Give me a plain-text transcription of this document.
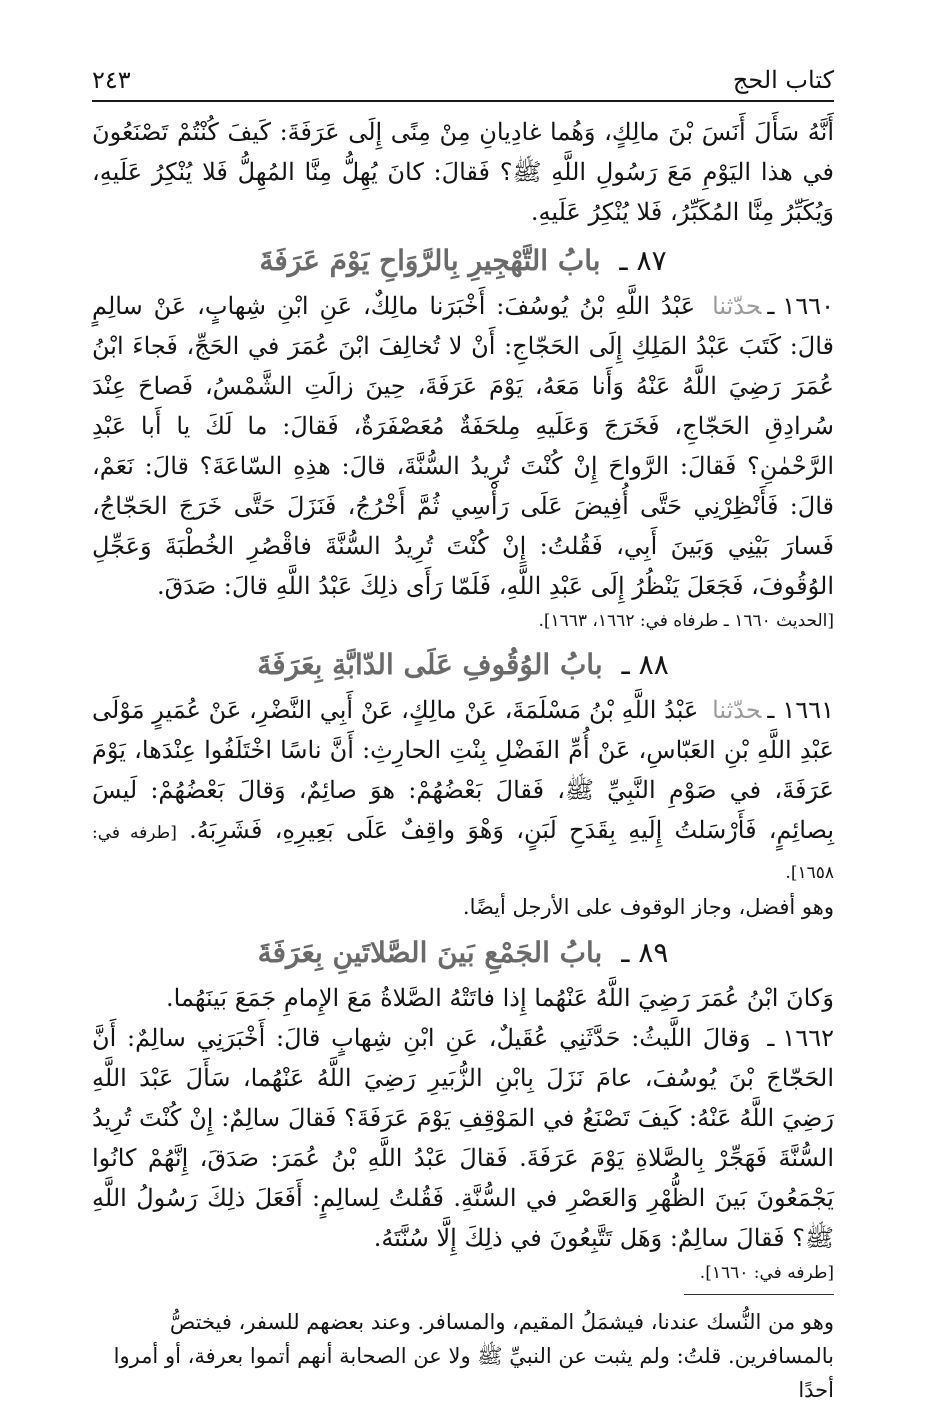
كتاب الحج
٢٤٣

أَنَّهُ سَأَلَ أَنَسَ بْنَ مالِكٍ، وَهُما غادِيانِ مِنْ مِنًى إِلَى عَرَفَةَ: كَيفَ كُنْتُمْ تَصْنَعُونَ في هذا اليَوْمِ مَعَ رَسُولِ اللَّهِ ﷺ؟ فَقالَ: كانَ يُهِلُّ مِنَّا المُهِلُّ فَلا يُنْكِرُ عَلَيهِ، وَيُكَبِّرُ مِنَّا المُكَبِّرُ، فَلا يُنْكِرُ عَلَيهِ.

٨٧ ـ بابُ التَّهْجِيرِ بِالرَّوَاحِ يَوْمَ عَرَفَةَ

١٦٦٠ـحدّثنا عَبْدُ اللَّهِ بْنُ يُوسُفَ: أَخْبَرَنا مالِكٌ، عَنِ ابْنِ شِهابٍ، عَنْ سالِمٍ قالَ: كَتَبَ عَبْدُ المَلِكِ إِلَى الحَجّاجِ: أَنْ لا تُخالِفَ ابْنَ عُمَرَ في الحَجِّ، فَجاءَ ابْنُ عُمَرَ رَضِيَ اللَّهُ عَنْهُ وَأَنا مَعَهُ، يَوْمَ عَرَفَةَ، حِينَ زالَتِ الشَّمْسُ، فَصاحَ عِنْدَ سُرادِقِ الحَجّاجِ، فَخَرَجَ وَعَلَيهِ مِلحَفَةٌ مُعَصْفَرَةٌ، فَقالَ: ما لَكَ يا أَبا عَبْدِ الرَّحْمٰنِ؟ فَقالَ: الرَّواحَ إِنْ كُنْتَ تُرِيدُ السُّنَّةَ، قالَ: هذِهِ السّاعَةَ؟ قالَ: نَعَمْ، قالَ: فَأَنْظِرْنِي حَتَّى أُفِيضَ عَلَى رَأْسِي ثُمَّ أَخْرُجُ، فَنَزَلَ حَتَّى خَرَجَ الحَجّاجُ، فَسارَ بَيْنِي وَبَينَ أَبِي، فَقُلتُ: إِنْ كُنْتَ تُرِيدُ السُّنَّةَ فاقْصُرِ الخُطْبَةَ وَعَجِّلِ الوُقُوفَ، فَجَعَلَ يَنْظُرُ إِلَى عَبْدِ اللَّهِ، فَلَمّا رَأَى ذلِكَ عَبْدُ اللَّهِ قالَ: صَدَقَ.

[الحديث ١٦٦٠ ـ طرفاه في: ١٦٦٢، ١٦٦٣].

٨٨ ـ بابُ الوُقُوفِ عَلَى الدّابَّةِ بِعَرَفَةَ

١٦٦١ـحدّثنا عَبْدُ اللَّهِ بْنُ مَسْلَمَةَ، عَنْ مالِكٍ، عَنْ أَبِي النَّضْرِ، عَنْ عُمَيرٍ مَوْلَى عَبْدِ اللَّهِ بْنِ العَبّاسِ، عَنْ أُمِّ الفَضْلِ بِنْتِ الحارِثِ: أَنَّ ناسًا اخْتَلَفُوا عِنْدَها، يَوْمَ عَرَفَةَ، في صَوْمِ النَّبِيِّ ﷺ، فَقالَ بَعْضُهُمْ: هوَ صائِمٌ، وَقالَ بَعْضُهُمْ: لَيسَ بِصائِمٍ، فَأَرْسَلتُ إِلَيهِ بِقَدَحِ لَبَنٍ، وَهْوَ واقِفٌ عَلَى بَعِيرِهِ، فَشَرِبَهُ. [طرفه في: ١٦٥٨].

وهو أفضل، وجاز الوقوف على الأرجل أيضًا.

٨٩ ـ بابُ الجَمْعِ بَينَ الصَّلاتَينِ بِعَرَفَةَ

وَكانَ ابْنُ عُمَرَ رَضِيَ اللَّهُ عَنْهُما إِذا فاتَتْهُ الصَّلاةُ مَعَ الإِمامِ جَمَعَ بَينَهُما.

١٦٦٢ـ وَقالَ اللَّيثُ: حَدَّثَنِي عُقَيلٌ، عَنِ ابْنِ شِهابٍ قالَ: أَخْبَرَنِي سالِمٌ: أَنَّ الحَجّاجَ بْنَ يُوسُفَ، عامَ نَزَلَ بِابْنِ الزُّبَيرِ رَضِيَ اللَّهُ عَنْهُما، سَأَلَ عَبْدَ اللَّهِ رَضِيَ اللَّهُ عَنْهُ: كَيفَ تَصْنَعُ في المَوْقِفِ يَوْمَ عَرَفَةَ؟ فَقالَ سالِمٌ: إِنْ كُنْتَ تُرِيدُ السُّنَّةَ فَهَجِّرْ بِالصَّلاةِ يَوْمَ عَرَفَةَ. فَقالَ عَبْدُ اللَّهِ بْنُ عُمَرَ: صَدَقَ، إِنَّهُمْ كانُوا يَجْمَعُونَ بَينَ الظُّهْرِ وَالعَصْرِ في السُّنَّةِ. فَقُلتُ لِسالِمٍ: أَفَعَلَ ذلِكَ رَسُولُ اللَّهِ ﷺ؟ فَقالَ سالِمٌ: وَهَل تَتَّبِعُونَ في ذلِكَ إِلَّا سُنَّتَهُ.

[طرفه في: ١٦٦٠].

وهو من النُّسك عندنا، فيشمَلُ المقيم، والمسافر. وعند بعضهم للسفر، فيختصُّ بالمسافرين. قلتُ: ولم يثبت عن النبيِّ ﷺ ولا عن الصحابة أنهم أتموا بعرفة، أو أمروا أحدًا
